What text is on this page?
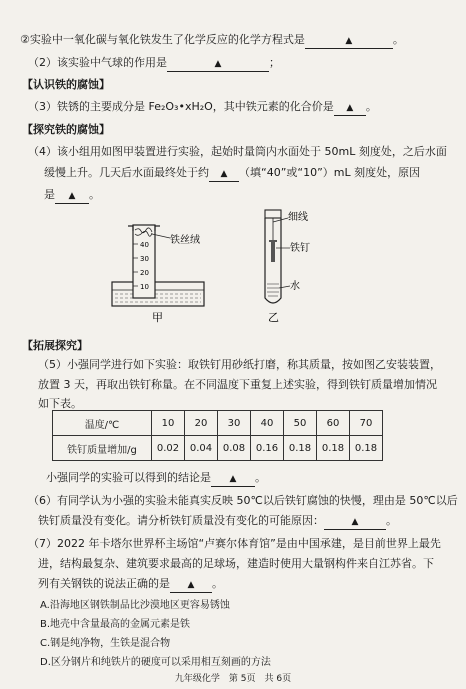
②实验中一氧化碳与氧化铁发生了化学反应的化学方程式是	▲	。
（2）该实验中气球的作用是	▲	；
【认识铁的腐蚀】
（3）铁锈的主要成分是 Fe₂O₃•xH₂O，其中铁元素的化合价是 ▲ 。
【探究铁的腐蚀】
（4）该小组用如图甲装置进行实验，起始时量筒内水面处于 50mL 刻度处，之后水面
缓慢上升。几天后水面最终处于约 ▲ （填“40”或“10”）mL 刻度处，原因
是 ▲ 。
40
30
20
10
铁丝绒
甲
细线
铁钉
水
乙
【拓展探究】
（5）小强同学进行如下实验：取铁钉用砂纸打磨，称其质量，按如图乙安装装置，
放置 3 天，再取出铁钉称量。在不同温度下重复上述实验，得到铁钉质量增加情况
如下表。
温度/℃	10	20	30	40	50	60	70
铁钉质量增加/g	0.02	0.04	0.08	0.16	0.18	0.18	0.18
小强同学的实验可以得到的结论是 ▲ 。
（6）有同学认为小强的实验未能真实反映 50℃以后铁钉腐蚀的快慢，理由是 50℃以后
铁钉质量没有变化。请分析铁钉质量没有变化的可能原因：	▲	。
（7）2022 年卡塔尔世界杯主场馆“卢赛尔体育馆”是由中国承建，是目前世界上最先
进，结构最复杂、建筑要求最高的足球场，建造时使用大量钢构件来自江苏省。下
列有关钢铁的说法正确的是 ▲ 。
A.沿海地区钢铁制品比沙漠地区更容易锈蚀
B.地壳中含量最高的金属元素是铁
C.钢是纯净物，生铁是混合物
D.区分钢片和纯铁片的硬度可以采用相互刻画的方法
九年级化学　第 5页　共 6页
